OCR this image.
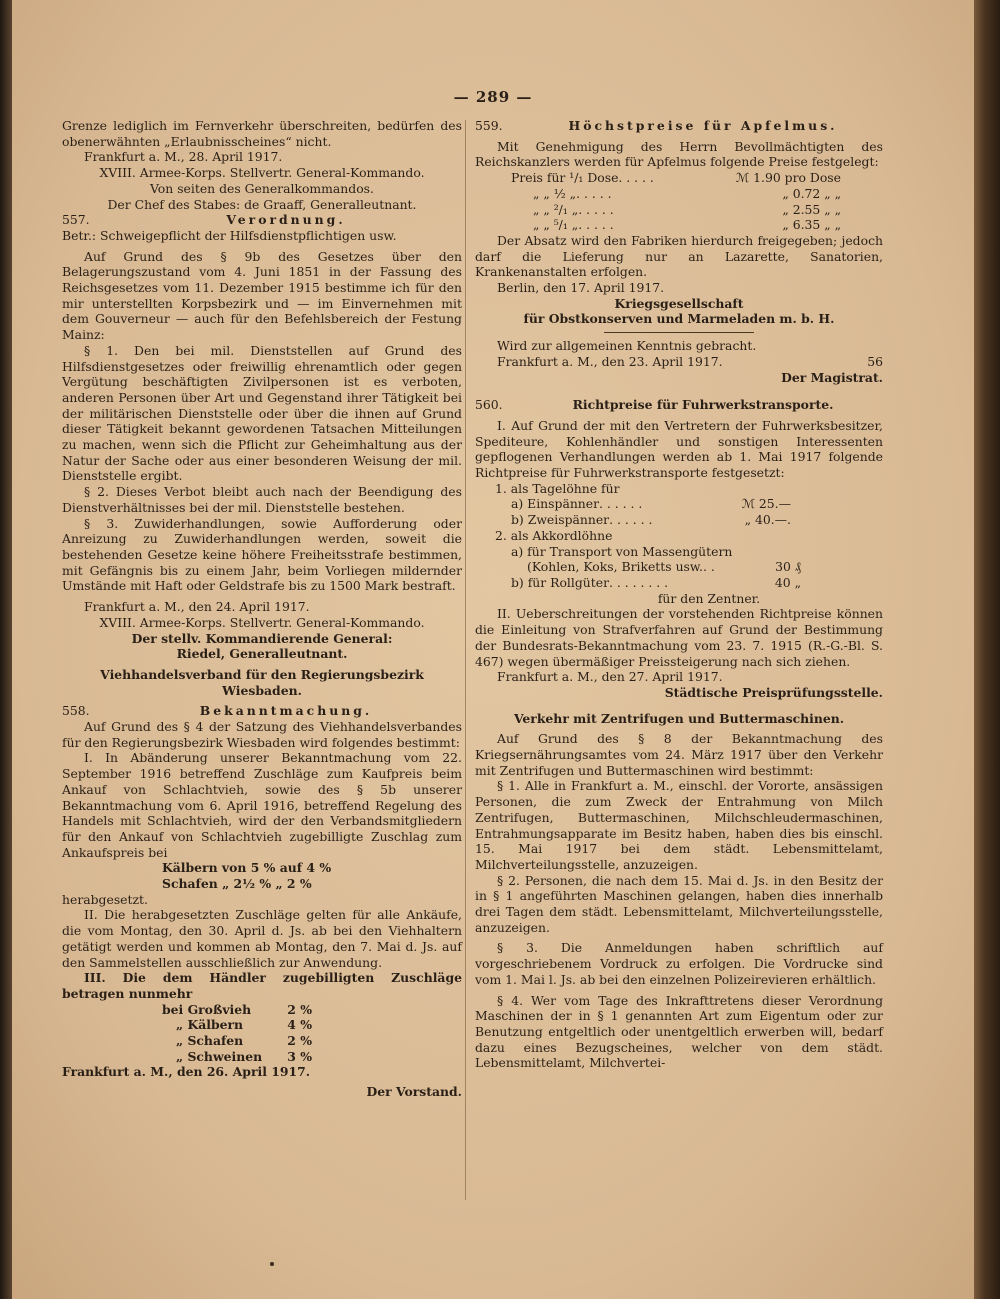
— 289 —

Grenze lediglich im Fernverkehr überschreiten, bedürfen des obenerwähnten „Erlaubnisscheines“ nicht.

Frankfurt a. M., 28. April 1917.

XVIII. Armee-Korps. Stellvertr. General-Kommando.

Von seiten des Generalkommandos.

Der Chef des Stabes: de Graaff, Generalleutnant.

557.	Verordnung.

Betr.: Schweigepflicht der Hilfsdienstpflichtigen usw.

Auf Grund des § 9b des Gesetzes über den Belagerungszustand vom 4. Juni 1851 in der Fassung des Reichsgesetzes vom 11. Dezember 1915 bestimme ich für den mir unterstellten Korpsbezirk und — im Einvernehmen mit dem Gouverneur — auch für den Befehlsbereich der Festung Mainz:

§ 1. Den bei mil. Dienststellen auf Grund des Hilfsdienstgesetzes oder freiwillig ehrenamtlich oder gegen Vergütung beschäftigten Zivilpersonen ist es verboten, anderen Personen über Art und Gegenstand ihrer Tätigkeit bei der militärischen Dienststelle oder über die ihnen auf Grund dieser Tätigkeit bekannt gewordenen Tatsachen Mitteilungen zu machen, wenn sich die Pflicht zur Geheimhaltung aus der Natur der Sache oder aus einer besonderen Weisung der mil. Dienststelle ergibt.

§ 2. Dieses Verbot bleibt auch nach der Beendigung des Dienstverhältnisses bei der mil. Dienststelle bestehen.

§ 3. Zuwiderhandlungen, sowie Aufforderung oder Anreizung zu Zuwiderhandlungen werden, soweit die bestehenden Gesetze keine höhere Freiheitsstrafe bestimmen, mit Gefängnis bis zu einem Jahr, beim Vorliegen mildernder Umstände mit Haft oder Geldstrafe bis zu 1500 Mark bestraft.

Frankfurt a. M., den 24. April 1917.

XVIII. Armee-Korps. Stellvertr. General-Kommando.

Der stellv. Kommandierende General:

Riedel, Generalleutnant.

Viehhandelsverband für den Regierungsbezirk

Wiesbaden.

558.	Bekanntmachung.

Auf Grund des § 4 der Satzung des Viehhandelsverbandes für den Regierungsbezirk Wiesbaden wird folgendes bestimmt:

I. In Abänderung unserer Bekanntmachung vom 22. September 1916 betreffend Zuschläge zum Kaufpreis beim Ankauf von Schlachtvieh, sowie des § 5b unserer Bekanntmachung vom 6. April 1916, betreffend Regelung des Handels mit Schlachtvieh, wird der den Verbandsmitgliedern für den Ankauf von Schlachtvieh zugebilligte Zuschlag zum Ankaufspreis bei

Kälbern von 5 % auf 4 %

Schafen „ 2½ % „ 2 %

herabgesetzt.

II. Die herabgesetzten Zuschläge gelten für alle Ankäufe, die vom Montag, den 30. April d. Js. ab bei den Viehhaltern getätigt werden und kommen ab Montag, den 7. Mai d. Js. auf den Sammelstellen ausschließlich zur Anwendung.

III. Die dem Händler zugebilligten Zuschläge betragen nunmehr

bei Großvieh	2 %
„ Kälbern	4 %
„ Schafen	2 %
„ Schweinen 3 %

Frankfurt a. M., den 26. April 1917.

Der Vorstand.

559.	Höchstpreise für Apfelmus.

Mit Genehmigung des Herrn Bevollmächtigten des Reichskanzlers werden für Apfelmus folgende Preise festgelegt:

Preis für ¹/₁ Dose . . . . .	ℳ 1.90 pro Dose
„ „ ½ „ . . . . .	„ 0.72 „ „
„ „ ²/₁ „ . . . . .	„ 2.55 „ „
„ „ ⁵/₁ „ . . . . .	„ 6.35 „ „

Der Absatz wird den Fabriken hierdurch freigegeben; jedoch darf die Lieferung nur an Lazarette, Sanatorien, Krankenanstalten erfolgen.

Berlin, den 17. April 1917.

Kriegsgesellschaft

für Obstkonserven und Marmeladen m. b. H.

Wird zur allgemeinen Kenntnis gebracht.

Frankfurt a. M., den 23. April 1917.	56

Der Magistrat.

560.	Richtpreise für Fuhrwerkstransporte.

I. Auf Grund der mit den Vertretern der Fuhrwerksbesitzer, Spediteure, Kohlenhändler und sonstigen Interessenten gepflogenen Verhandlungen werden ab 1. Mai 1917 folgende Richtpreise für Fuhrwerkstransporte festgesetzt:

1. als Tagelöhne für

a) Einspänner . . . . . .	ℳ 25.—
b) Zweispänner . . . . . .	„ 40.—.

2. als Akkordlöhne

a) für Transport von Massengütern

(Kohlen, Koks, Briketts usw. . .	30 ₰
b) für Rollgüter . . . . . . . .	40 „

für den Zentner.

II. Ueberschreitungen der vorstehenden Richtpreise können die Einleitung von Strafverfahren auf Grund der Bestimmung der Bundesrats-Bekanntmachung vom 23. 7. 1915 (R.-G.-Bl. S. 467) wegen übermäßiger Preissteigerung nach sich ziehen.

Frankfurt a. M., den 27. April 1917.

Städtische Preisprüfungsstelle.

Verkehr mit Zentrifugen und Buttermaschinen.

Auf Grund des § 8 der Bekanntmachung des Kriegsernährungsamtes vom 24. März 1917 über den Verkehr mit Zentrifugen und Buttermaschinen wird bestimmt:

§ 1. Alle in Frankfurt a. M., einschl. der Vororte, ansässigen Personen, die zum Zweck der Entrahmung von Milch Zentrifugen, Buttermaschinen, Milchschleudermaschinen, Entrahmungsapparate im Besitz haben, haben dies bis einschl. 15. Mai 1917 bei dem städt. Lebensmittelamt, Milchverteilungsstelle, anzuzeigen.

§ 2. Personen, die nach dem 15. Mai d. Js. in den Besitz der in § 1 angeführten Maschinen gelangen, haben dies innerhalb drei Tagen dem städt. Lebensmittelamt, Milchverteilungsstelle, anzuzeigen.

§ 3. Die Anmeldungen haben schriftlich auf vorgeschriebenem Vordruck zu erfolgen. Die Vordrucke sind vom 1. Mai l. Js. ab bei den einzelnen Polizeirevieren erhältlich.

§ 4. Wer vom Tage des Inkrafttretens dieser Verordnung Maschinen der in § 1 genannten Art zum Eigentum oder zur Benutzung entgeltlich oder unentgeltlich erwerben will, bedarf dazu eines Bezugscheines, welcher von dem städt. Lebensmittelamt, Milchvertei-
